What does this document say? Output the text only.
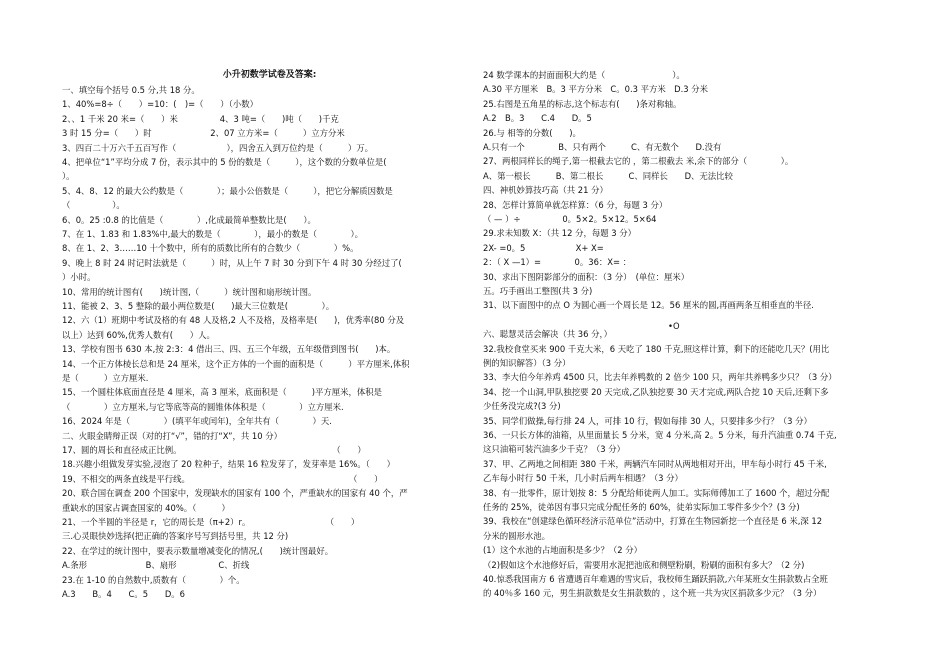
小升初数学试卷及答案:
一、填空每个括号 0.5 分,共 18 分。
1、40%=8÷（　　）=10：(　)=（　　）（小数）
2、、1 千米 20 米=（　　）米　　　　　4、3 吨=（　　)吨（　　)千克
3 时 15 分=（　　）时　　　　　　　2、07 立方米=（　　　）立方分米
3、四百二十万六千五百写作（　　　　　　），四舍五入到万位约是（　　　）万。
4、把单位“1”平均分成 7 份，表示其中的 5 份的数是（　　　），这个数的分数单位是(
）。
5、4、8、12 的最大公约数是（　　　　）；最小公倍数是（　　　），把它分解质因数是
（　　　　　）。
6、0。25 :0.8 的比值是（　　　　）,化成最简单整数比是(　　）。
7、在 1、1.83 和 1.83%中,最大的数是（　　　　），最小的数是（　　　　）。
8、在 1、2、3……10 十个数中，所有的质数比所有的合数少（　　　　）%。
9、晚上 8 时 24 时记时法就是（　　　）时，从上午 7 时 30 分到下午 4 时 30 分经过了(
）小时。
10、常用的统计图有(　　)统计图,（　　　）统计图和扇形统计图。
11、能被 2、3、5 整除的最小两位数是(　　)最大三位数是(　　　　）。
12、六（1）班期中考试及格的有 48 人及格,2 人不及格，及格率是(　　)，优秀率(80 分及
以上）达到 60%,优秀人数有(　　）人。
13、学校有图书 630 本,按 2:3：4 借出三、四、五三个年级，五年级借到图书(　　)本。
14、一个正方体棱长总和是 24 厘米，这个正方体的一个面的面积是（　　　）平方厘米,体积
是（　　　）立方厘米.
15、一个圆柱体底面直径是 4 厘米，高 3 厘米，底面积是（　　　)平方厘米，体积是
（　　　　）立方厘米,与它等底等高的圆锥体体积是（　　　　）立方厘米.
16、2024 年是（　　　　）(填平年或闰年)，全年共有（　　　　）天.
二、火眼金睛辩正误（对的打“√”，错的打“X”，共 10 分）
17、圆的周长和直径成正比例。　　　　　　　　　　　　　　　　　　　（　　）
18.兴趣小组做发芽实验,浸泡了 20 粒种子，结果 16 粒发芽了，发芽率是 16%。（　　）
19、不相交的两条直线是平行线。　　　　　　　　　　　　　　　　　　　　（　　）
20、联合国在调查 200 个国家中，发现缺水的国家有 100 个，严重缺水的国家有 40 个，严
重缺水的国家占调查国家的 40%。（　　　）
21、一个半圆的半径是 r，它的周长是（π+2）r。　　　　　　　　　　（　　）
三.心灵眼快妙选择(把正确的答案序号写到括号里，共 12 分)
22、在学过的统计图中，要表示数量增减变化的情况,(　　)统计图最好。
A.条形　　　　　　　B、扇形　　　　　C、折线
23.在 1-10 的自然数中,质数有（　　　　）个。
A.3　　B。4　　C。5　　D。6
24 数学课本的封面面积大约是（　　　　　　　　）。
A.30 平方厘米　B。3 平方分米　C。0.3 平方米　D.3 分米
25.右图是五角星的标志,这个标志有(　　)条对称轴。
A.2　B。3　　C.4　　D。5
26.与 相等的分数(　　)。
A.只有一个　　　　B、只有两个　　　C、有无数个　　D.没有
27、两根同样长的绳子,第一根截去它的 ，第二根截去 米,余下的部分（　　　　）。
A、第一根长　　　B、第二根长　　　C、同样长　　D、无法比较
四、神机妙算技巧高（共 21 分）
28、怎样计算简单就怎样算：（6 分，每题 3 分）
（ — ）÷　　　　　0。5×2。5×12。5×64
29.求未知数 X：（共 12 分，每题 3 分）
2X- =0。5　　　　　　X+ X=
2：（ X —1）=　　　　0。36：X= ：
30、求出下图阴影部分的面积：（3 分）　(单位：厘米）
五。巧手画出工整图(共 3 分)
31、以下面图中的点 O 为圆心画一个周长是 12。56 厘米的圆,再画两条互相垂直的半径.
•O
六、聪慧灵活会解决（共 36 分，）
32.我校食堂买来 900 千克大米，6 天吃了 180 千克,照这样计算，剩下的还能吃几天？(用比
例的知识解答）（3 分）
33、李大伯今年养鸡 4500 只，比去年养鸭数的 2 倍少 100 只，两年共养鸭多少只？（3 分）
34、挖一个山洞,甲队独挖要 20 天完成,乙队独挖要 30 天才完成,两队合挖 10 天后,还剩下多
少任务没完成?(3 分)
35、同学们做操,每行排 24 人，可排 10 行，假如每排 30 人，只要排多少行？（3 分）
36、一只长方体的油箱，从里面量长 5 分米，宽 4 分米,高 2。5 分米，每升汽油重 0.74 千克,
这只油箱可装汽油多少千克？（3 分）
37、甲、乙两地之间相距 380 千米，两辆汽车同时从两地相对开出，甲车每小时行 45 千米,
乙车每小时行 50 千米，几小时后两车相遇？（3 分）
38、有一批零件，原计划按 8：5 分配给师徒两人加工。实际师傅加工了 1600 个，超过分配
任务的 25%，徒弟因有事只完成分配任务的 60%，徒弟实际加工零件多少个？(3 分)
39、我校在“创建绿色循环经济示范单位”活动中，打算在生物园新挖一个直径是 6 米,深 12
分米的圆形水池。
(1）这个水池的占地面积是多少？（2 分）
（2)假如这个水池修好后，需要用水泥把池底和侧壁粉刷，粉刷的面积有多大？（2 分)
40.惊悉我国南方 6 省遭遇百年难遇的雪灾后，我校师生踊跃捐款,六年某班女生捐款数占全班
的 40％多 160 元，男生捐款数是女生捐款数的 ，这个班一共为灾区捐款多少元？（3 分）
